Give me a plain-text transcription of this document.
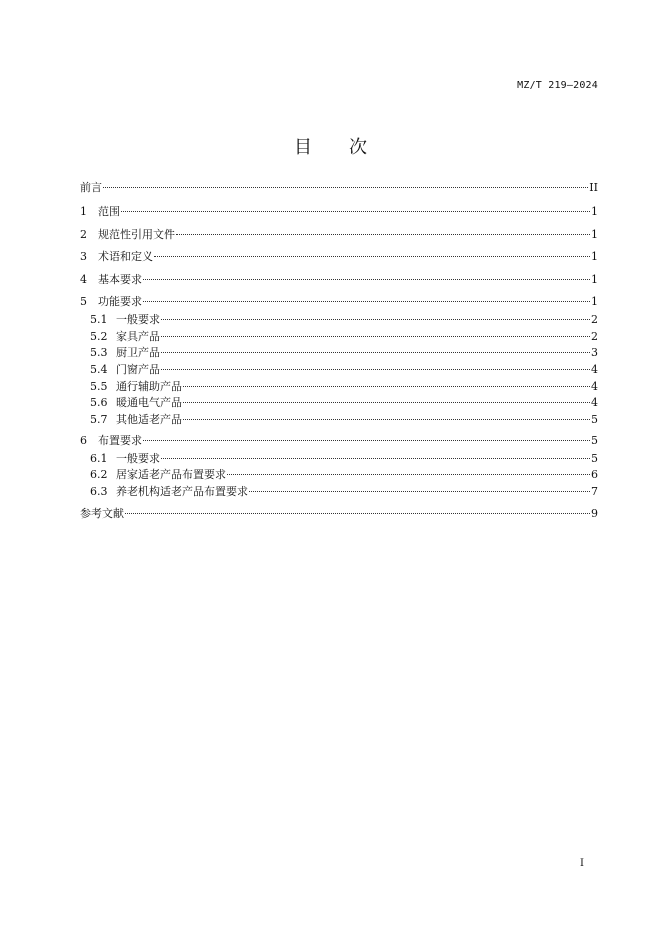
MZ/T 219—2024
目 次
前言	II
1	范围	1
2	规范性引用文件	1
3	术语和定义	1
4	基本要求	1
5	功能要求	1
5.1 一般要求	2
5.2 家具产品	2
5.3 厨卫产品	3
5.4 门窗产品	4
5.5 通行辅助产品	4
5.6 暖通电气产品	4
5.7 其他适老产品	5
6	布置要求	5
6.1 一般要求	5
6.2 居家适老产品布置要求	6
6.3 养老机构适老产品布置要求	7
参考文献	9
I
